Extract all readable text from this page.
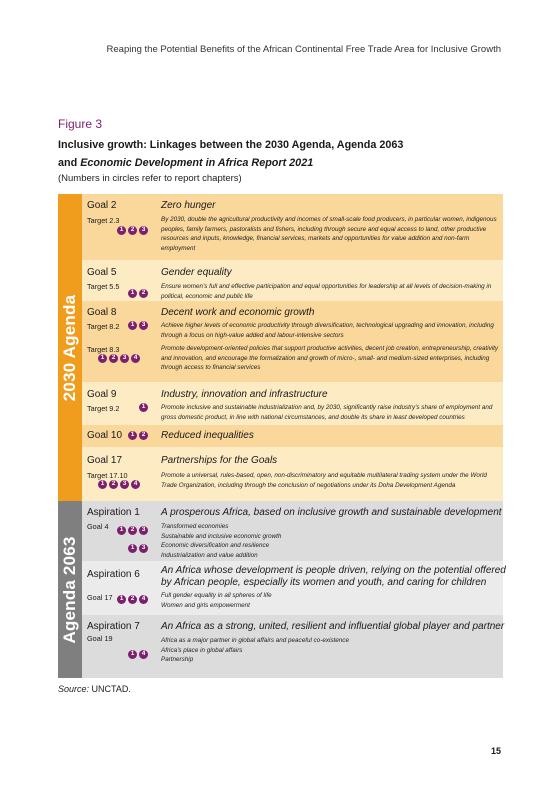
Reaping the Potential Benefits of the African Continental Free Trade Area for Inclusive Growth
Figure 3
Inclusive growth: Linkages between the 2030 Agenda, Agenda 2063
and Economic Development in Africa Report 2021
(Numbers in circles refer to report chapters)
2030 Agenda
Agenda 2063
Goal 2
Target 2.3
1	2	3
Zero hunger
By 2030, double the agricultural productivity and incomes of small-scale food producers, in particular women, indigenous peoples, family farmers, pastoralists and fishers, including through secure and equal access to land, other productive resources and inputs, knowledge, financial services, markets and opportunities for value addition and non-farm employment
Goal 5
Target 5.5
1	2
Gender equality
Ensure women’s full and effective participation and equal opportunities for leadership at all levels of decision-making in political, economic and public life
Goal 8
Target 8.2	1	3
Decent work and economic growth
Achieve higher levels of economic productivity through diversification, technological upgrading and innovation, including through a focus on high-value added and labour-intensive sectors
Target 8.3
1	2	3	4
Promote development-oriented policies that support productive activities, decent job creation, entrepreneurship, creativity and innovation, and encourage the formalization and growth of micro-, small- and medium-sized enterprises, including through access to financial services
Goal 9
Target 9.2	1
Industry, innovation and infrastructure
Promote inclusive and sustainable industrialization and, by 2030, significantly raise industry’s share of employment and gross domestic product, in line with national circumstances, and double its share in least developed countries
Goal 10	1	2 Reduced inequalities
Goal 17
Target 17.10
1	2	3	4
Partnerships for the Goals
Promote a universal, rules-based, open, non-discriminatory and equitable multilateral trading system under the World Trade Organization, including through the conclusion of negotiations under its Doha Development Agenda
Aspiration 1
Goal 4	1	2	3
1	3
A prosperous Africa, based on inclusive growth and sustainable development
Transformed economies
Sustainable and inclusive economic growth
Economic diversification and resilience
Industrialization and value addition
Aspiration 6
Goal 17	1	2	4
An Africa whose development is people driven, relying on the potential offered
by African people, especially its women and youth, and caring for children
Full gender equality in all spheres of life
Women and girls empowerment
Aspiration 7
Goal 19
1	4
An Africa as a strong, united, resilient and influential global player and partner
Africa as a major partner in global affairs and peaceful co-existence
Africa’s place in global affairs
Partnership
Source: UNCTAD.
15
